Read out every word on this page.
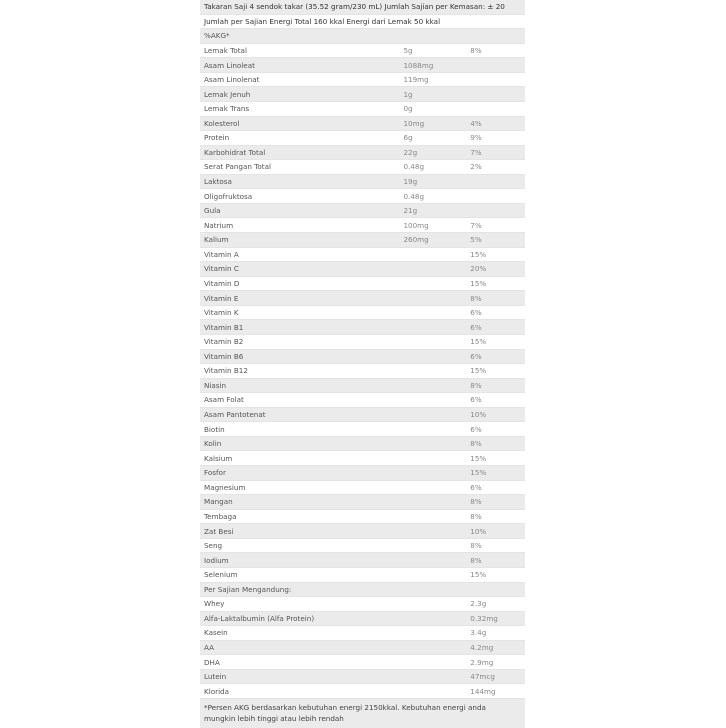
Takaran Saji 4 sendok takar (35.52 gram/230 mL) Jumlah Sajian per Kemasan: ± 20		
Jumlah per Sajian Energi Total 160 kkal Energi dari Lemak 50 kkal		
%AKG*		
Lemak Total	5g	8%
Asam Linoleat	1088mg	
Asam Linolenat	119mg	
Lemak Jenuh	1g	
Lemak Trans	0g	
Kolesterol	10mg	4%
Protein	6g	9%
Karbohidrat Total	22g	7%
Serat Pangan Total	0.48g	2%
Laktosa	19g	
Oligofruktosa	0.48g	
Gula	21g	
Natrium	100mg	7%
Kalium	260mg	5%
Vitamin A		15%
Vitamin C		20%
Vitamin D		15%
Vitamin E		8%
Vitamin K		6%
Vitamin B1		6%
Vitamin B2		15%
Vitamin B6		6%
Vitamin B12		15%
Niasin		8%
Asam Folat		6%
Asam Pantotenat		10%
Biotin		6%
Kolin		8%
Kalsium		15%
Fosfor		15%
Magnesium		6%
Mangan		8%
Tembaga		8%
Zat Besi		10%
Seng		8%
Iodium		8%
Selenium		15%
Per Sajian Mengandung:		
Whey		2.3g
Alfa-Laktalbumin (Alfa Protein)		0.32mg
Kasein		3.4g
AA		4.2mg
DHA		2.9mg
Lutein		47mcg
Klorida		144mg
*Persen AKG berdasarkan kebutuhan energi 2150kkal. Kebutuhan energi anda mungkin lebih tinggi atau lebih rendah		
